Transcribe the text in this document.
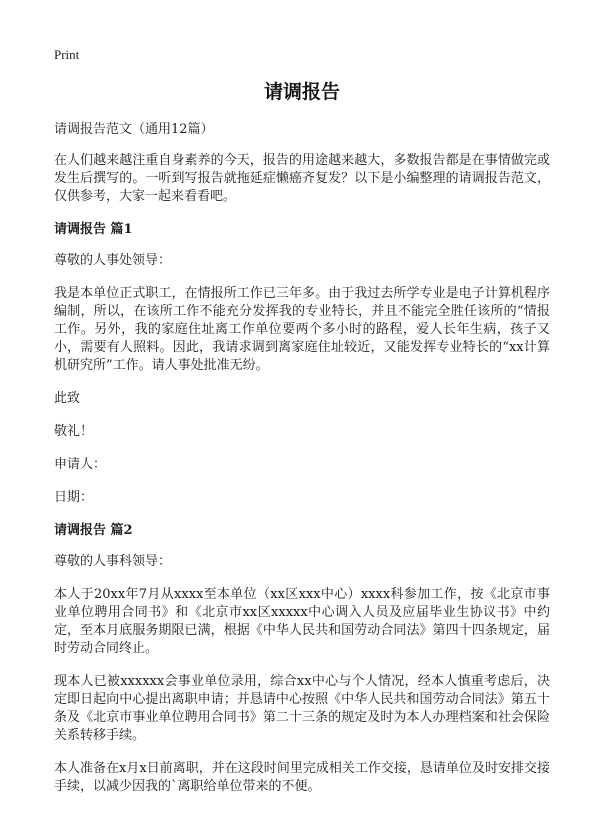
Print
请调报告

请调报告范文（通用12篇）

在人们越来越注重自身素养的今天，报告的用途越来越大，多数报告都是在事情做完或发生后撰写的。一听到写报告就拖延症懒癌齐复发？以下是小编整理的请调报告范文，仅供参考，大家一起来看看吧。

请调报告 篇1

尊敬的人事处领导：

我是本单位正式职工，在情报所工作已三年多。由于我过去所学专业是电子计算机程序编制，所以，在该所工作不能充分发挥我的专业特长，并且不能完全胜任该所的“情报工作。另外，我的家庭住址离工作单位要两个多小时的路程，爱人长年生病，孩子又小，需要有人照料。因此，我请求调到离家庭住址较近，又能发挥专业特长的“xx计算机研究所”工作。请人事处批准无纷。

此致

敬礼！

申请人：

日期：

请调报告 篇2

尊敬的人事科领导：

本人于20xx年7月从xxxx至本单位（xx区xxx中心）xxxx科参加工作，按《北京市事业单位聘用合同书》和《北京市xx区xxxxx中心调入人员及应届毕业生协议书》中约定，至本月底服务期限已满，根据《中华人民共和国劳动合同法》第四十四条规定，届时劳动合同终止。

现本人已被xxxxxx会事业单位录用，综合xx中心与个人情况，经本人慎重考虑后，决定即日起向中心提出离职申请；并恳请中心按照《中华人民共和国劳动合同法》第五十条及《北京市事业单位聘用合同书》第二十三条的规定及时为本人办理档案和社会保险关系转移手续。

本人准备在x月x日前离职，并在这段时间里完成相关工作交接，恳请单位及时安排交接手续，以减少因我的`离职给单位带来的不便。
